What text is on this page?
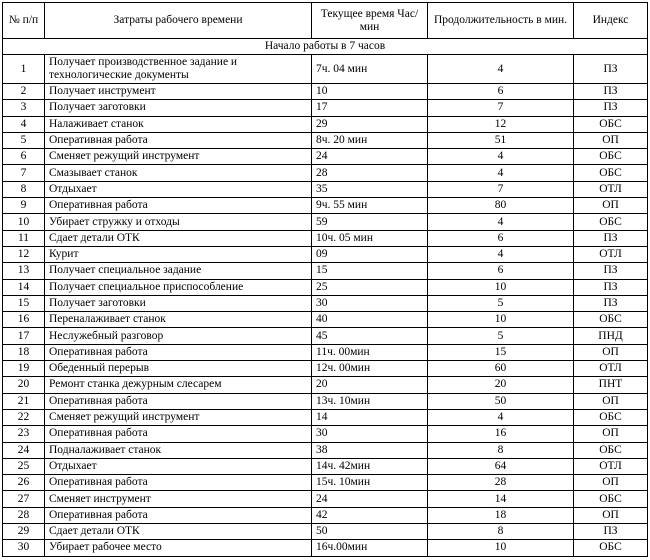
№ п/п	Затраты рабочего времени	Текущее время Час/мин	Продолжительность в мин.	Индекс
Начало работы в 7 часов				
1	Получает производственное задание и технологические документы	7ч. 04 мин	4	ПЗ
2	Получает инструмент	10	6	ПЗ
3	Получает заготовки	17	7	ПЗ
4	Налаживает станок	29	12	ОБС
5	Оперативная работа	8ч. 20 мин	51	ОП
6	Сменяет режущий инструмент	24	4	ОБС
7	Смазывает станок	28	4	ОБС
8	Отдыхает	35	7	ОТЛ
9	Оперативная работа	9ч. 55 мин	80	ОП
10	Убирает стружку и отходы	59	4	ОБС
11	Сдает детали ОТК	10ч. 05 мин	6	ПЗ
12	Курит	09	4	ОТЛ
13	Получает специальное задание	15	6	ПЗ
14	Получает специальное приспособление	25	10	ПЗ
15	Получает заготовки	30	5	ПЗ
16	Переналаживает станок	40	10	ОБС
17	Неслужебный разговор	45	5	ПНД
18	Оперативная работа	11ч. 00мин	15	ОП
19	Обеденный перерыв	12ч. 00мин	60	ОТЛ
20	Ремонт станка дежурным слесарем	20	20	ПНТ
21	Оперативная работа	13ч. 10мин	50	ОП
22	Сменяет режущий инструмент	14	4	ОБС
23	Оперативная работа	30	16	ОП
24	Подналаживает станок	38	8	ОБС
25	Отдыхает	14ч. 42мин	64	ОТЛ
26	Оперативная работа	15ч. 10мин	28	ОП
27	Сменяет инструмент	24	14	ОБС
28	Оперативная работа	42	18	ОП
29	Сдает детали ОТК	50	8	ПЗ
30	Убирает рабочее место	16ч.00мин	10	ОБС
